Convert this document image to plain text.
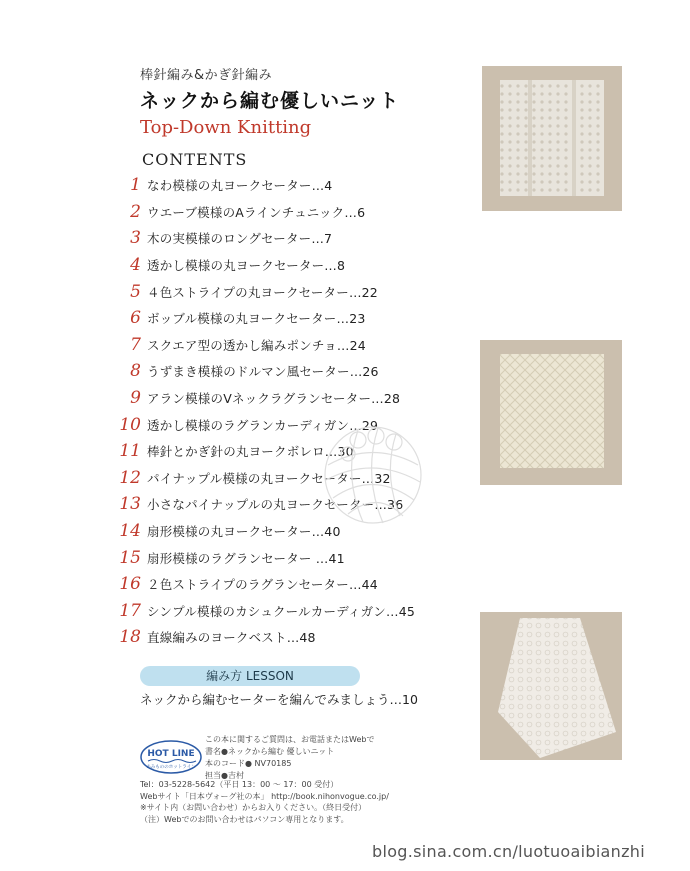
棒針編み&かぎ針編み
ネックから編む優しいニット
Top-Down Knitting
CONTENTS
1 なわ模様の丸ヨークセーター…4
2 ウエーブ模様のAラインチュニック…6
3 木の実模様のロングセーター…7
4 透かし模様の丸ヨークセーター…8
5 ４色ストライプの丸ヨークセーター…22
6 ボッブル模様の丸ヨークセーター…23
7 スクエア型の透かし編みポンチョ…24
8 うずまき模様のドルマン風セーター…26
9 アラン模様のVネックラグランセーター…28
10 透かし模様のラグランカーディガン…29
11 棒針とかぎ針の丸ヨークボレロ…30
12 パイナップル模様の丸ヨークセーター…32
13 小さなパイナップルの丸ヨークセーター…36
14 扇形模様の丸ヨークセーター…40
15 扇形模様のラグランセーター …41
16 ２色ストライプのラグランセーター…44
17 シンプル模様のカシュクールカーディガン…45
18 直線編みのヨークベスト…48
編み方 LESSON
ネックから編むセーターを編んでみましょう…10
HOT LINE
あみもののホットライン
この本に関するご質問は、お電話またはWebで
書名●ネックから編む 優しいニット
本のコード● NV70185
担当●吉村
Tel：03-5228-5642（平日 13：00 ～ 17：00 受付）
Webサイト「日本ヴォーグ社の本」 http://book.nihonvogue.co.jp/
※サイト内（お問い合わせ）からお入りください。（終日受付）
（注）Webでのお問い合わせはパソコン専用となります。
blog.sina.com.cn/luotuoaibianzhi
